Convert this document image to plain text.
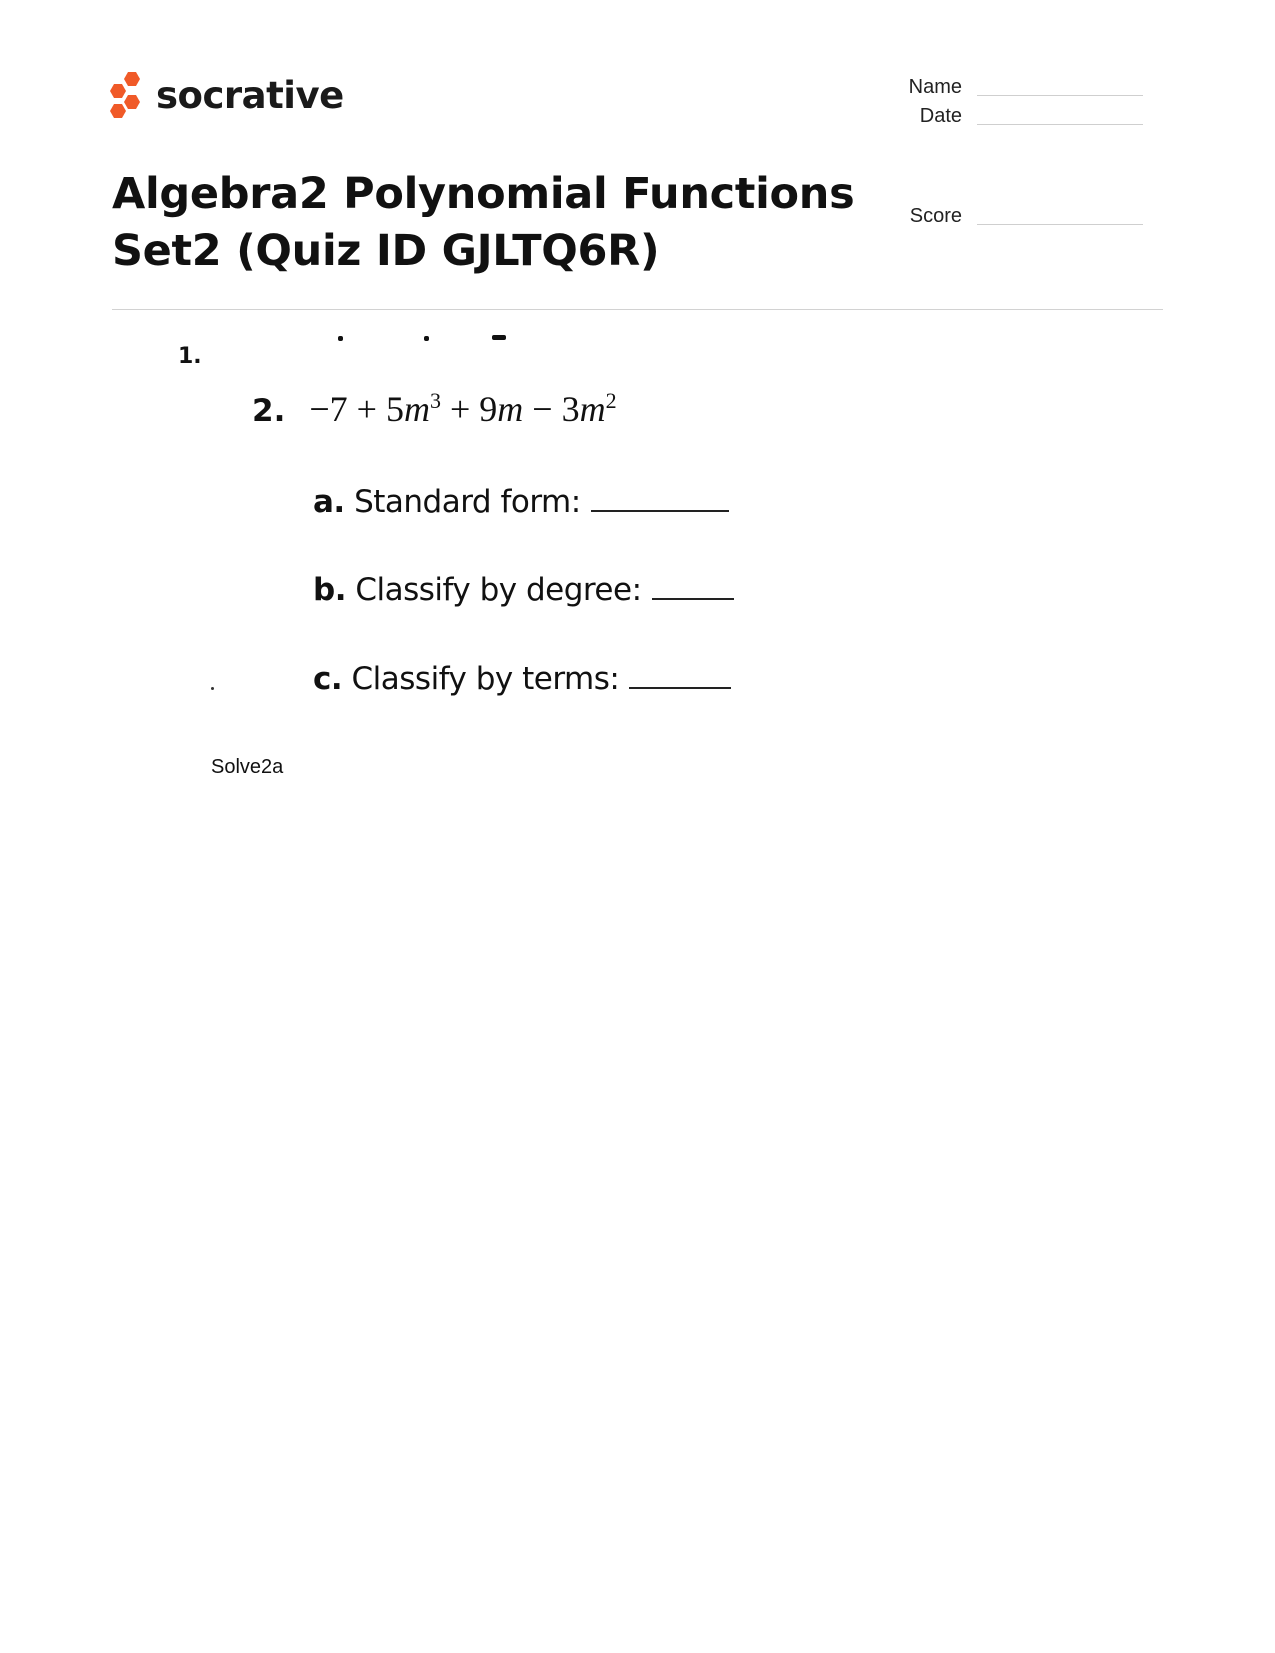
socrative
Algebra2 Polynomial Functions
Set2 (Quiz ID GJLTQ6R)
Name
Date
Score
1.
2. $-7 + 5m^3 + 9m - 3m^2$
a. Standard form:
b. Classify by degree:
c. Classify by terms:
Solve2a
